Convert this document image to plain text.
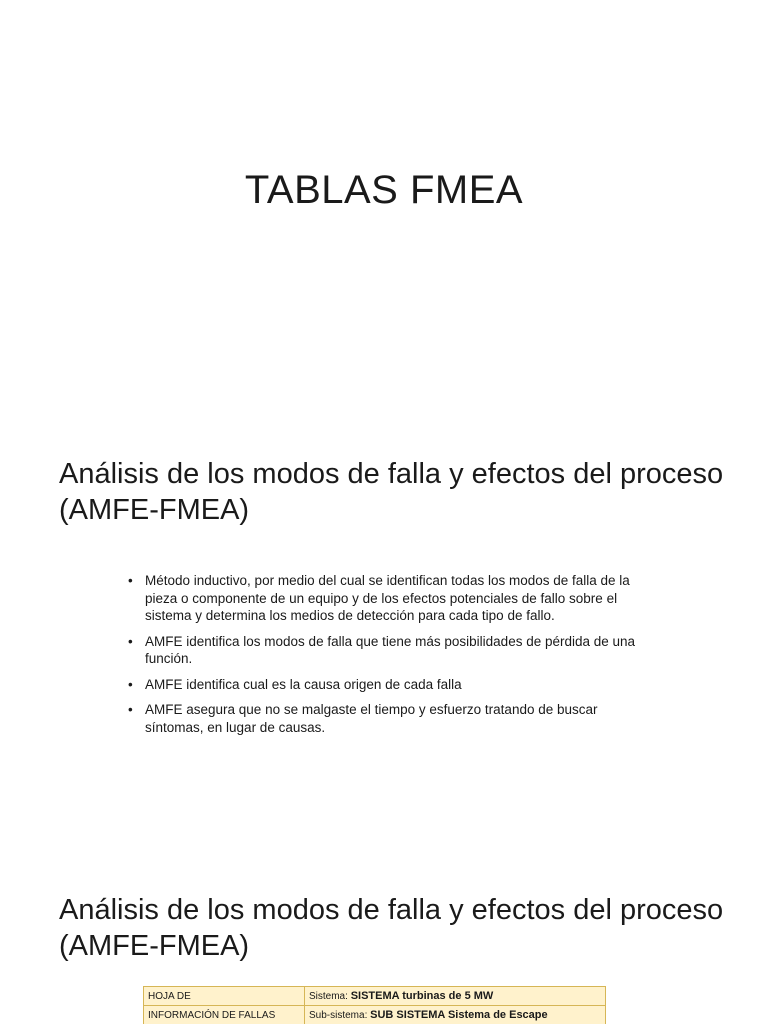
TABLAS FMEA
Análisis de los modos de falla y efectos del proceso (AMFE-FMEA)
• Método inductivo, por medio del cual se identifican todas los modos de falla de la pieza o componente de un equipo y de los efectos potenciales de fallo sobre el sistema y determina los medios de detección para cada tipo de fallo.
• AMFE identifica los modos de falla que tiene más posibilidades de pérdida de una función.
• AMFE identifica cual es la causa origen de cada falla
• AMFE asegura que no se malgaste el tiempo y esfuerzo tratando de buscar síntomas, en lugar de causas.
Análisis de los modos de falla y efectos del proceso (AMFE-FMEA)
HOJA DE	Sistema: SISTEMA turbinas de 5 MW
INFORMACIÓN DE FALLAS	Sub-sistema: SUB SISTEMA Sistema de Escape
